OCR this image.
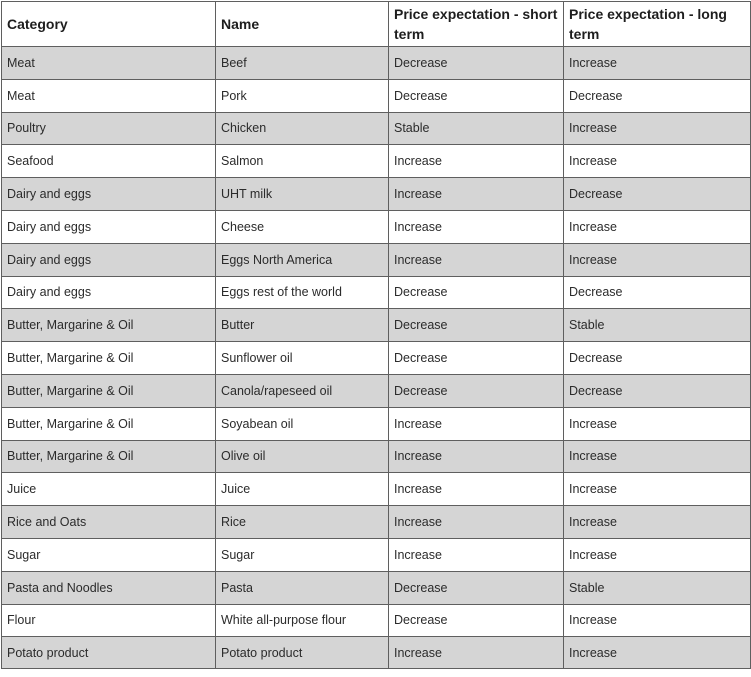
Category	Name	Price expectation - short term	Price expectation - long term
Meat	Beef	Decrease	Increase
Meat	Pork	Decrease	Decrease
Poultry	Chicken	Stable	Increase
Seafood	Salmon	Increase	Increase
Dairy and eggs	UHT milk	Increase	Decrease
Dairy and eggs	Cheese	Increase	Increase
Dairy and eggs	Eggs North America	Increase	Increase
Dairy and eggs	Eggs rest of the world	Decrease	Decrease
Butter, Margarine & Oil	Butter	Decrease	Stable
Butter, Margarine & Oil	Sunflower oil	Decrease	Decrease
Butter, Margarine & Oil	Canola/rapeseed oil	Decrease	Decrease
Butter, Margarine & Oil	Soyabean oil	Increase	Increase
Butter, Margarine & Oil	Olive oil	Increase	Increase
Juice	Juice	Increase	Increase
Rice and Oats	Rice	Increase	Increase
Sugar	Sugar	Increase	Increase
Pasta and Noodles	Pasta	Decrease	Stable
Flour	White all-purpose flour	Decrease	Increase
Potato product	Potato product	Increase	Increase
